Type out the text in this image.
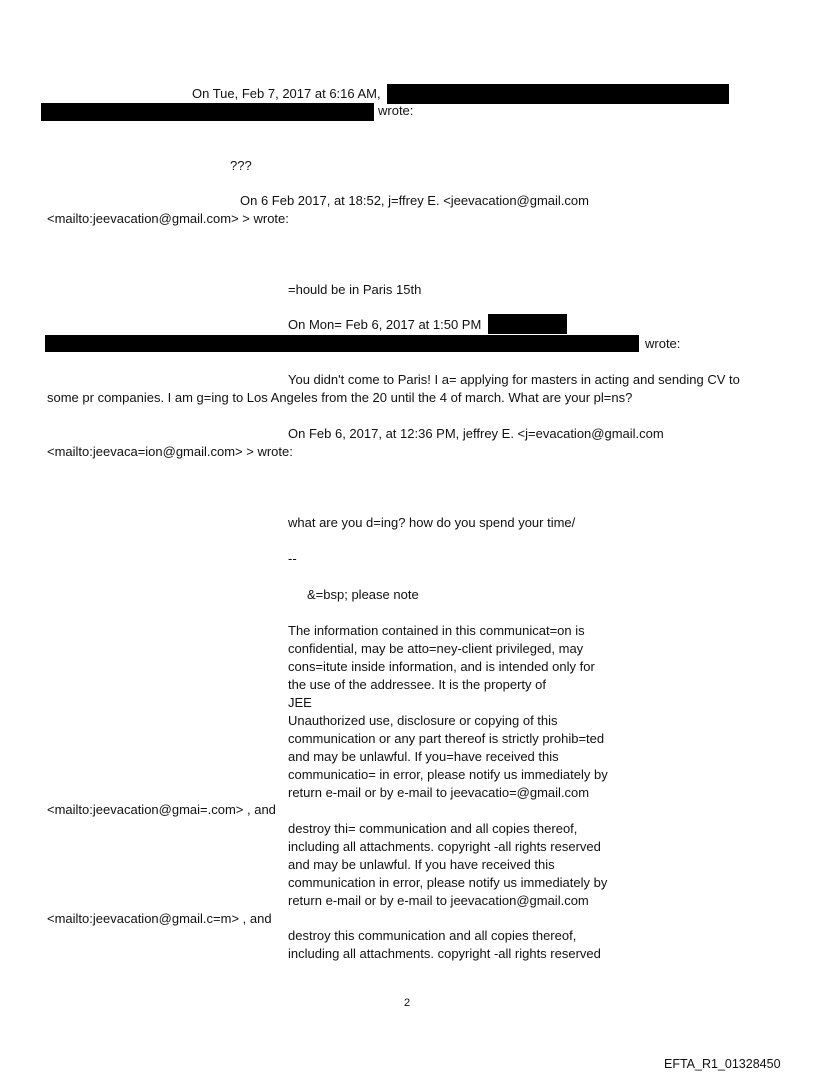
On Tue, Feb 7, 2017 at 6:16 AM,
wrote:
???
On 6 Feb 2017, at 18:52, j=ffrey E. <jeevacation@gmail.com
<mailto:jeevacation@gmail.com> > wrote:
=hould be in Paris 15th
On Mon= Feb 6, 2017 at 1:50 PM
wrote:
You didn't come to Paris! I a= applying for masters in acting and sending CV to
some pr companies. I am g=ing to Los Angeles from the 20 until the 4 of march. What are your pl=ns?
On Feb 6, 2017, at 12:36 PM, jeffrey E. <j=evacation@gmail.com
<mailto:jeevaca=ion@gmail.com> > wrote:
what are you d=ing? how do you spend your time/
--
&=bsp; please note
The information contained in this communicat=on is
confidential, may be atto=ney-client privileged, may
cons=itute inside information, and is intended only for
the use of the addressee. It is the property of
JEE
Unauthorized use, disclosure or copying of this
communication or any part thereof is strictly prohib=ted
and may be unlawful. If you=have received this
communicatio= in error, please notify us immediately by
return e-mail or by e-mail to jeevacatio=@gmail.com
<mailto:jeevacation@gmai=.com> , and
destroy thi= communication and all copies thereof,
including all attachments. copyright -all rights reserved
and may be unlawful. If you have received this
communication in error, please notify us immediately by
return e-mail or by e-mail to jeevacation@gmail.com
<mailto:jeevacation@gmail.c=m> , and
destroy this communication and all copies thereof,
including all attachments. copyright -all rights reserved
2
EFTA_R1_01328450
